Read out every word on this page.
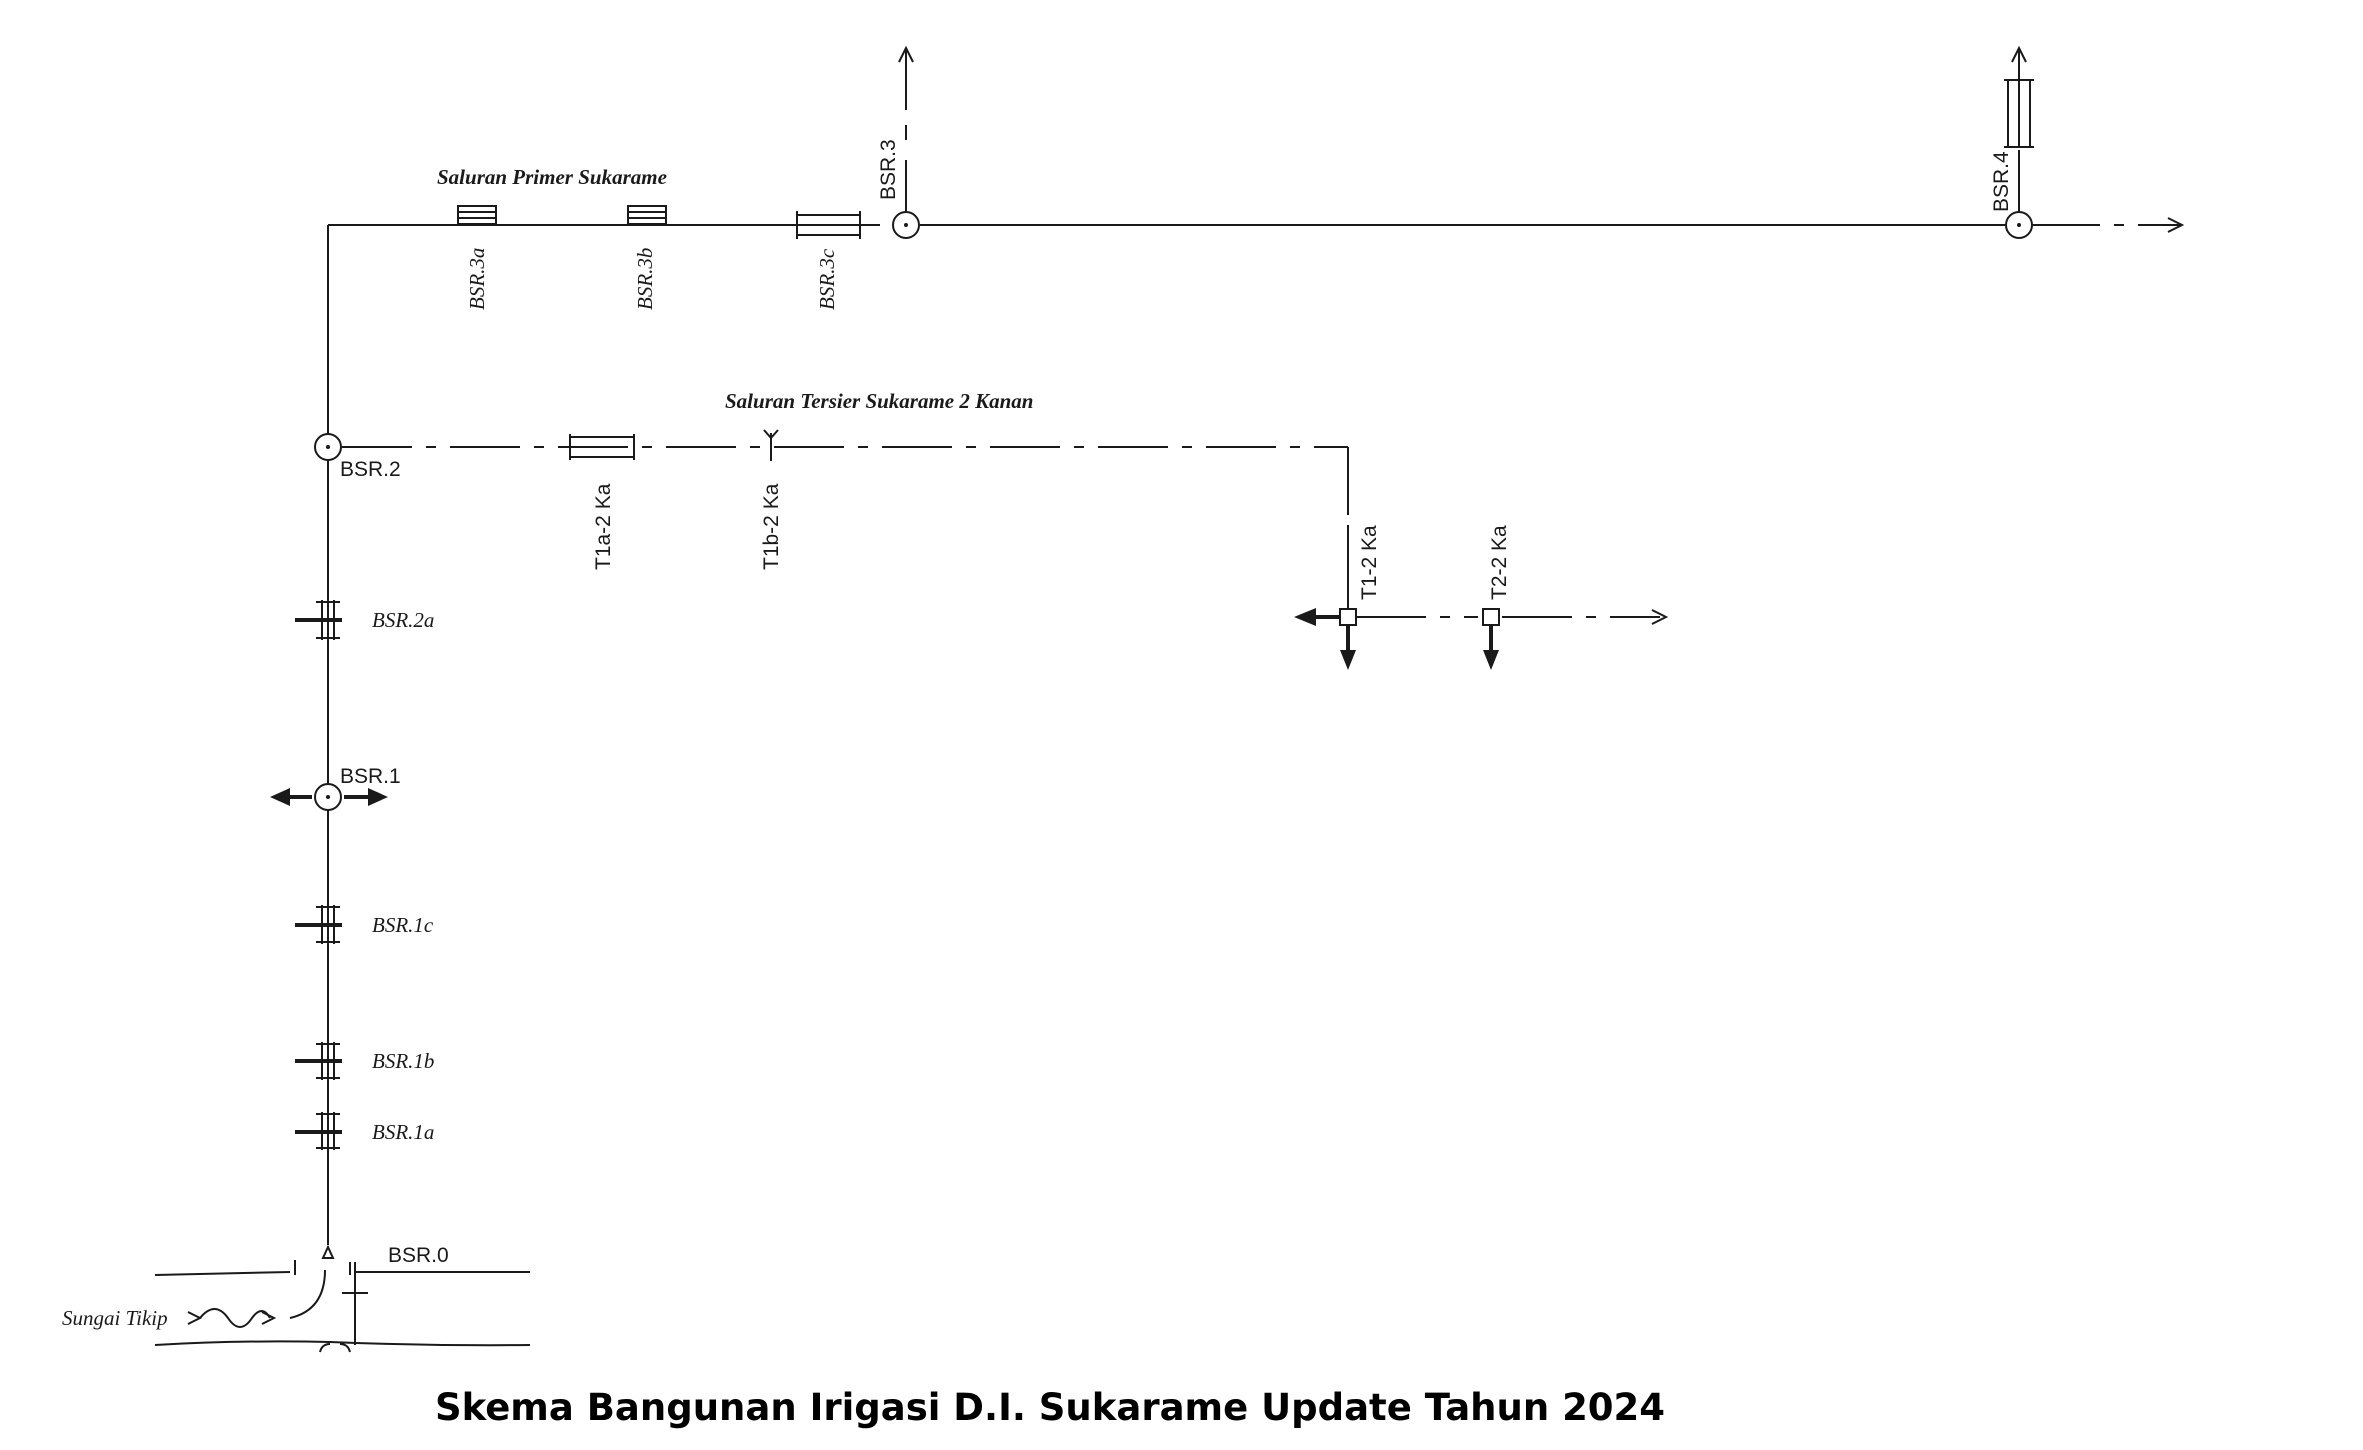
BSR.0
Sungai Tikip
BSR.1a
BSR.1b
BSR.1c
BSR.2a
BSR.1
BSR.2
T1a-2 Ka	T1b-2 Ka
Saluran Tersier Sukarame 2 Kanan
T1-2 Ka	T2-2 Ka
Saluran Primer Sukarame
BSR.3a	BSR.3b	BSR.3c
BSR.3	BSR.4
Skema Bangunan Irigasi D.I. Sukarame Update Tahun 2024
